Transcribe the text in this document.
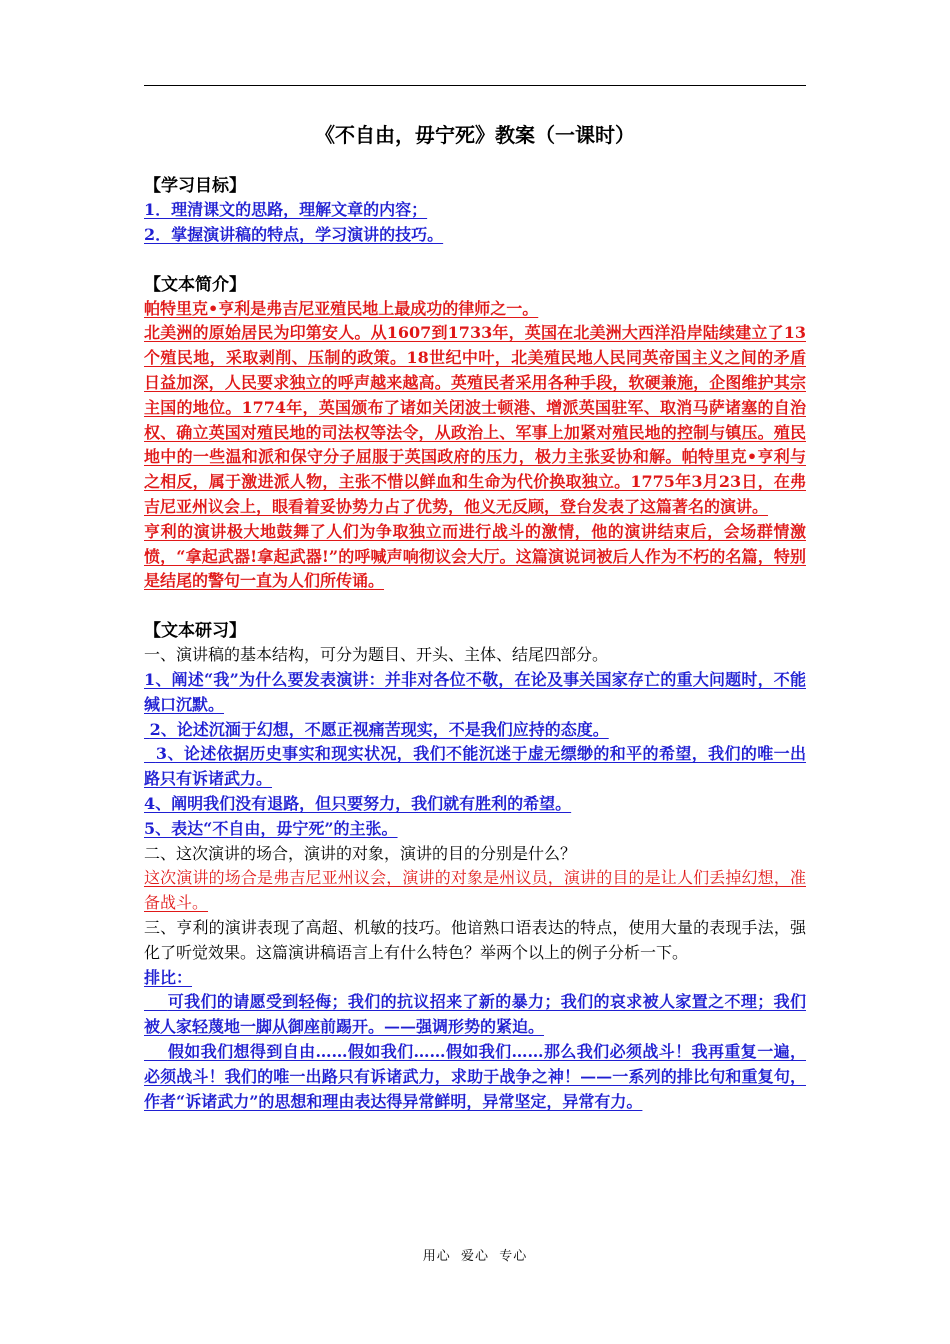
《不自由，毋宁死》教案（一课时）

【学习目标】

1．理清课文的思路，理解文章的内容；

2．掌握演讲稿的特点，学习演讲的技巧。

【文本简介】

帕特里克•亨利是弗吉尼亚殖民地上最成功的律师之一。

北美洲的原始居民为印第安人。从1607到1733年，英国在北美洲大西洋沿岸陆续建立了13个殖民地，采取剥削、压制的政策。18世纪中叶，北美殖民地人民同英帝国主义之间的矛盾日益加深，人民要求独立的呼声越来越高。英殖民者采用各种手段，软硬兼施，企图维护其宗主国的地位。1774年，英国颁布了诸如关闭波士顿港、增派英国驻军、取消马萨诸塞的自治权、确立英国对殖民地的司法权等法令，从政治上、军事上加紧对殖民地的控制与镇压。殖民地中的一些温和派和保守分子屈服于英国政府的压力，极力主张妥协和解。帕特里克•亨利与之相反，属于激进派人物，主张不惜以鲜血和生命为代价换取独立。1775年3月23日，在弗吉尼亚州议会上，眼看着妥协势力占了优势，他义无反顾，登台发表了这篇著名的演讲。

亨利的演讲极大地鼓舞了人们为争取独立而进行战斗的激情，他的演讲结束后，会场群情激愤，“拿起武器!拿起武器!”的呼喊声响彻议会大厅。这篇演说词被后人作为不朽的名篇，特别是结尾的警句一直为人们所传诵。

【文本研习】

一、演讲稿的基本结构，可分为题目、开头、主体、结尾四部分。

1、阐述“我”为什么要发表演讲：并非对各位不敬，在论及事关国家存亡的重大问题时，不能缄口沉默。

2、论述沉湎于幻想，不愿正视痛苦现实，不是我们应持的态度。

3、论述依据历史事实和现实状况，我们不能沉迷于虚无缥缈的和平的希望，我们的唯一出路只有诉诸武力。

4、阐明我们没有退路，但只要努力，我们就有胜利的希望。

5、表达“不自由，毋宁死”的主张。

二、这次演讲的场合，演讲的对象，演讲的目的分别是什么？

这次演讲的场合是弗吉尼亚州议会，演讲的对象是州议员，演讲的目的是让人们丢掉幻想，准备战斗。

三、亨利的演讲表现了高超、机敏的技巧。他谙熟口语表达的特点，使用大量的表现手法，强化了听觉效果。这篇演讲稿语言上有什么特色？举两个以上的例子分析一下。

排比：

可我们的请愿受到轻侮；我们的抗议招来了新的暴力；我们的哀求被人家置之不理；我们被人家轻蔑地一脚从御座前踢开。——强调形势的紧迫。

假如我们想得到自由……假如我们……假如我们……那么我们必须战斗！我再重复一遍，必须战斗！我们的唯一出路只有诉诸武力，求助于战争之神！——一系列的排比句和重复句，作者“诉诸武力”的思想和理由表达得异常鲜明，异常坚定，异常有力。

用心  爱心  专心
